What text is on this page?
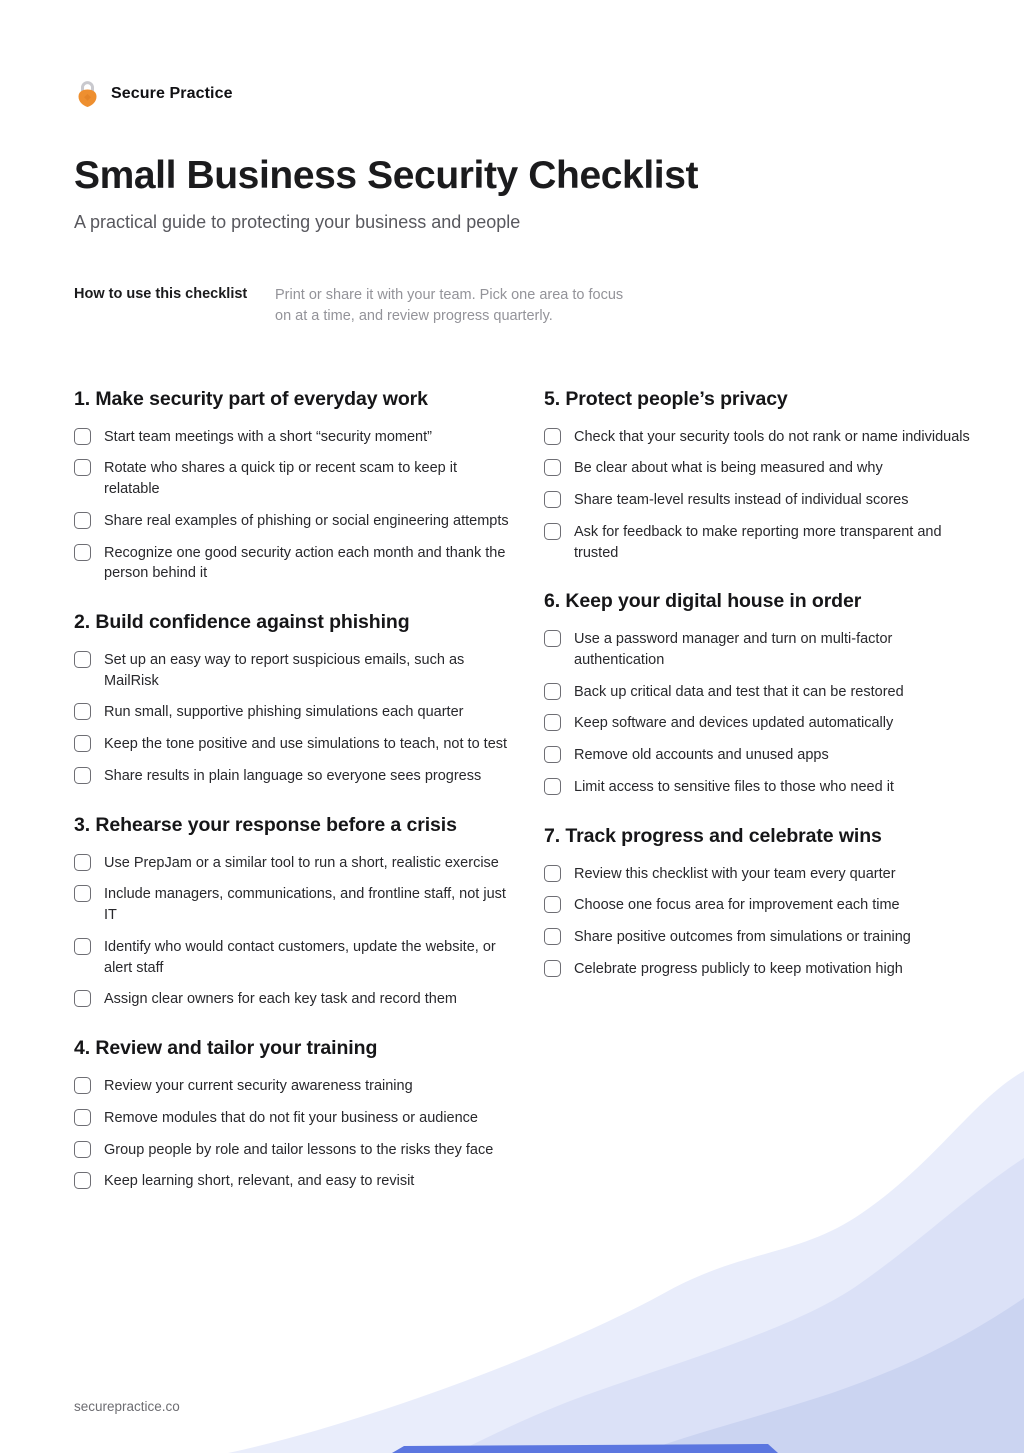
Secure Practice
Small Business Security Checklist

A practical guide to protecting your business and people

How to use this checklist	Print or share it with your team. Pick one area to focus on at a time, and review progress quarterly.
1. Make security part of everyday work
Start team meetings with a short “security moment”
Rotate who shares a quick tip or recent scam to keep it relatable
Share real examples of phishing or social engineering attempts
Recognize one good security action each month and thank the person behind it
2. Build confidence against phishing
Set up an easy way to report suspicious emails, such as MailRisk
Run small, supportive phishing simulations each quarter
Keep the tone positive and use simulations to teach, not to test
Share results in plain language so everyone sees progress
3. Rehearse your response before a crisis
Use PrepJam or a similar tool to run a short, realistic exercise
Include managers, communications, and frontline staff, not just IT
Identify who would contact customers, update the website, or alert staff
Assign clear owners for each key task and record them
4. Review and tailor your training
Review your current security awareness training
Remove modules that do not fit your business or audience
Group people by role and tailor lessons to the risks they face
Keep learning short, relevant, and easy to revisit
5. Protect people’s privacy
Check that your security tools do not rank or name individuals
Be clear about what is being measured and why
Share team-level results instead of individual scores
Ask for feedback to make reporting more transparent and trusted
6. Keep your digital house in order
Use a password manager and turn on multi-factor authentication
Back up critical data and test that it can be restored
Keep software and devices updated automatically
Remove old accounts and unused apps
Limit access to sensitive files to those who need it
7. Track progress and celebrate wins
Review this checklist with your team every quarter
Choose one focus area for improvement each time
Share positive outcomes from simulations or training
Celebrate progress publicly to keep motivation high
securepractice.co
